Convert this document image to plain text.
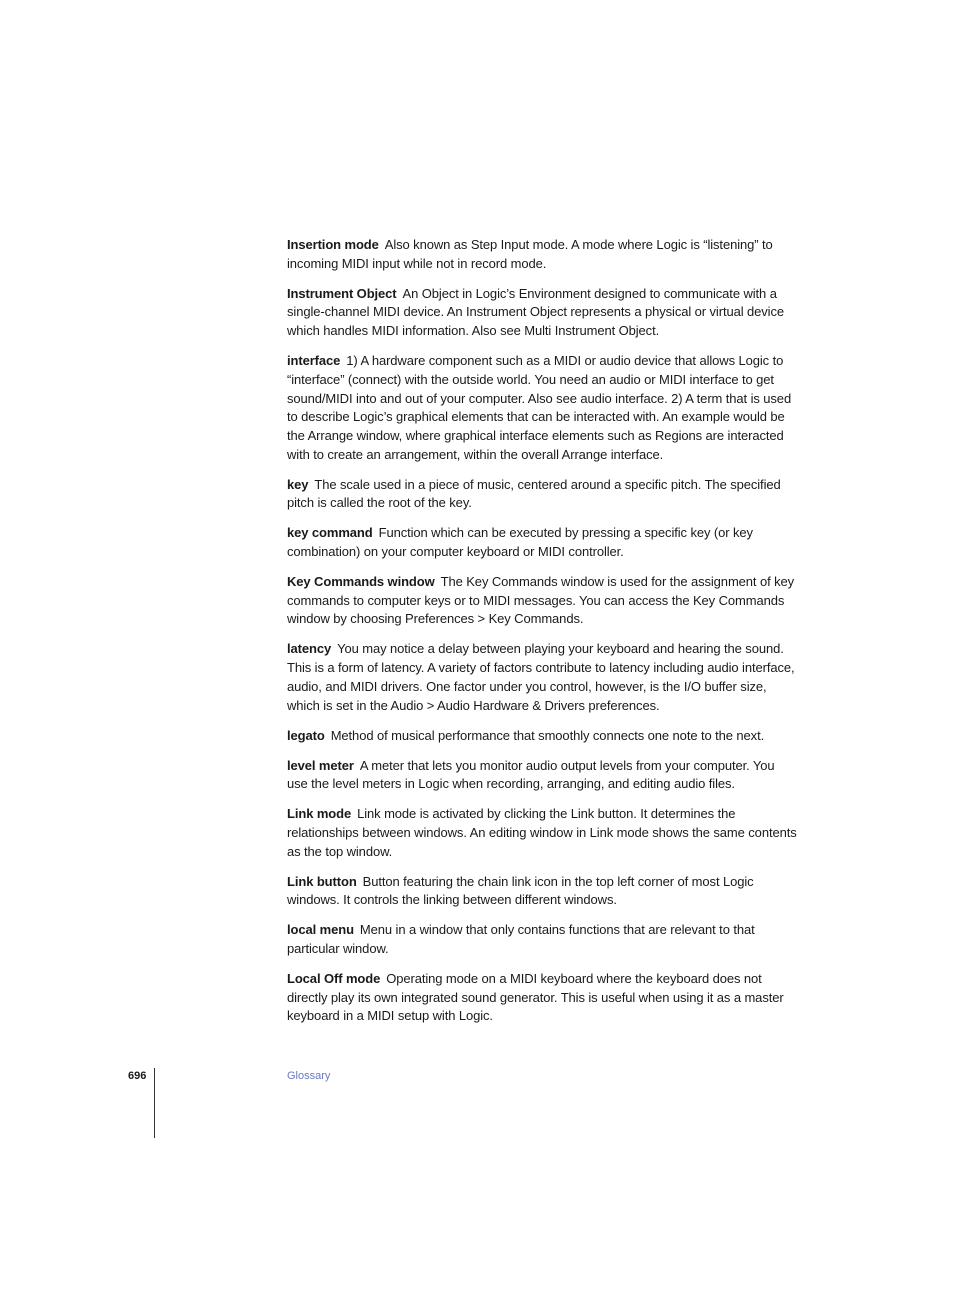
Insertion mode Also known as Step Input mode. A mode where Logic is “listening” to incoming MIDI input while not in record mode.

Instrument Object An Object in Logic’s Environment designed to communicate with a single-channel MIDI device. An Instrument Object represents a physical or virtual device which handles MIDI information. Also see Multi Instrument Object.

interface 1) A hardware component such as a MIDI or audio device that allows Logic to “interface” (connect) with the outside world. You need an audio or MIDI interface to get sound/MIDI into and out of your computer. Also see audio interface. 2) A term that is used to describe Logic’s graphical elements that can be interacted with. An example would be the Arrange window, where graphical interface elements such as Regions are interacted with to create an arrangement, within the overall Arrange interface.

key The scale used in a piece of music, centered around a specific pitch. The specified pitch is called the root of the key.

key command Function which can be executed by pressing a specific key (or key combination) on your computer keyboard or MIDI controller.

Key Commands window The Key Commands window is used for the assignment of key commands to computer keys or to MIDI messages. You can access the Key Commands window by choosing Preferences > Key Commands.

latency You may notice a delay between playing your keyboard and hearing the sound. This is a form of latency. A variety of factors contribute to latency including audio interface, audio, and MIDI drivers. One factor under you control, however, is the I/O buffer size, which is set in the Audio > Audio Hardware & Drivers preferences.

legato Method of musical performance that smoothly connects one note to the next.

level meter A meter that lets you monitor audio output levels from your computer. You use the level meters in Logic when recording, arranging, and editing audio files.

Link mode Link mode is activated by clicking the Link button. It determines the relationships between windows. An editing window in Link mode shows the same contents as the top window.

Link button Button featuring the chain link icon in the top left corner of most Logic windows. It controls the linking between different windows.

local menu Menu in a window that only contains functions that are relevant to that particular window.

Local Off mode Operating mode on a MIDI keyboard where the keyboard does not directly play its own integrated sound generator. This is useful when using it as a master keyboard in a MIDI setup with Logic.

696	Glossary
